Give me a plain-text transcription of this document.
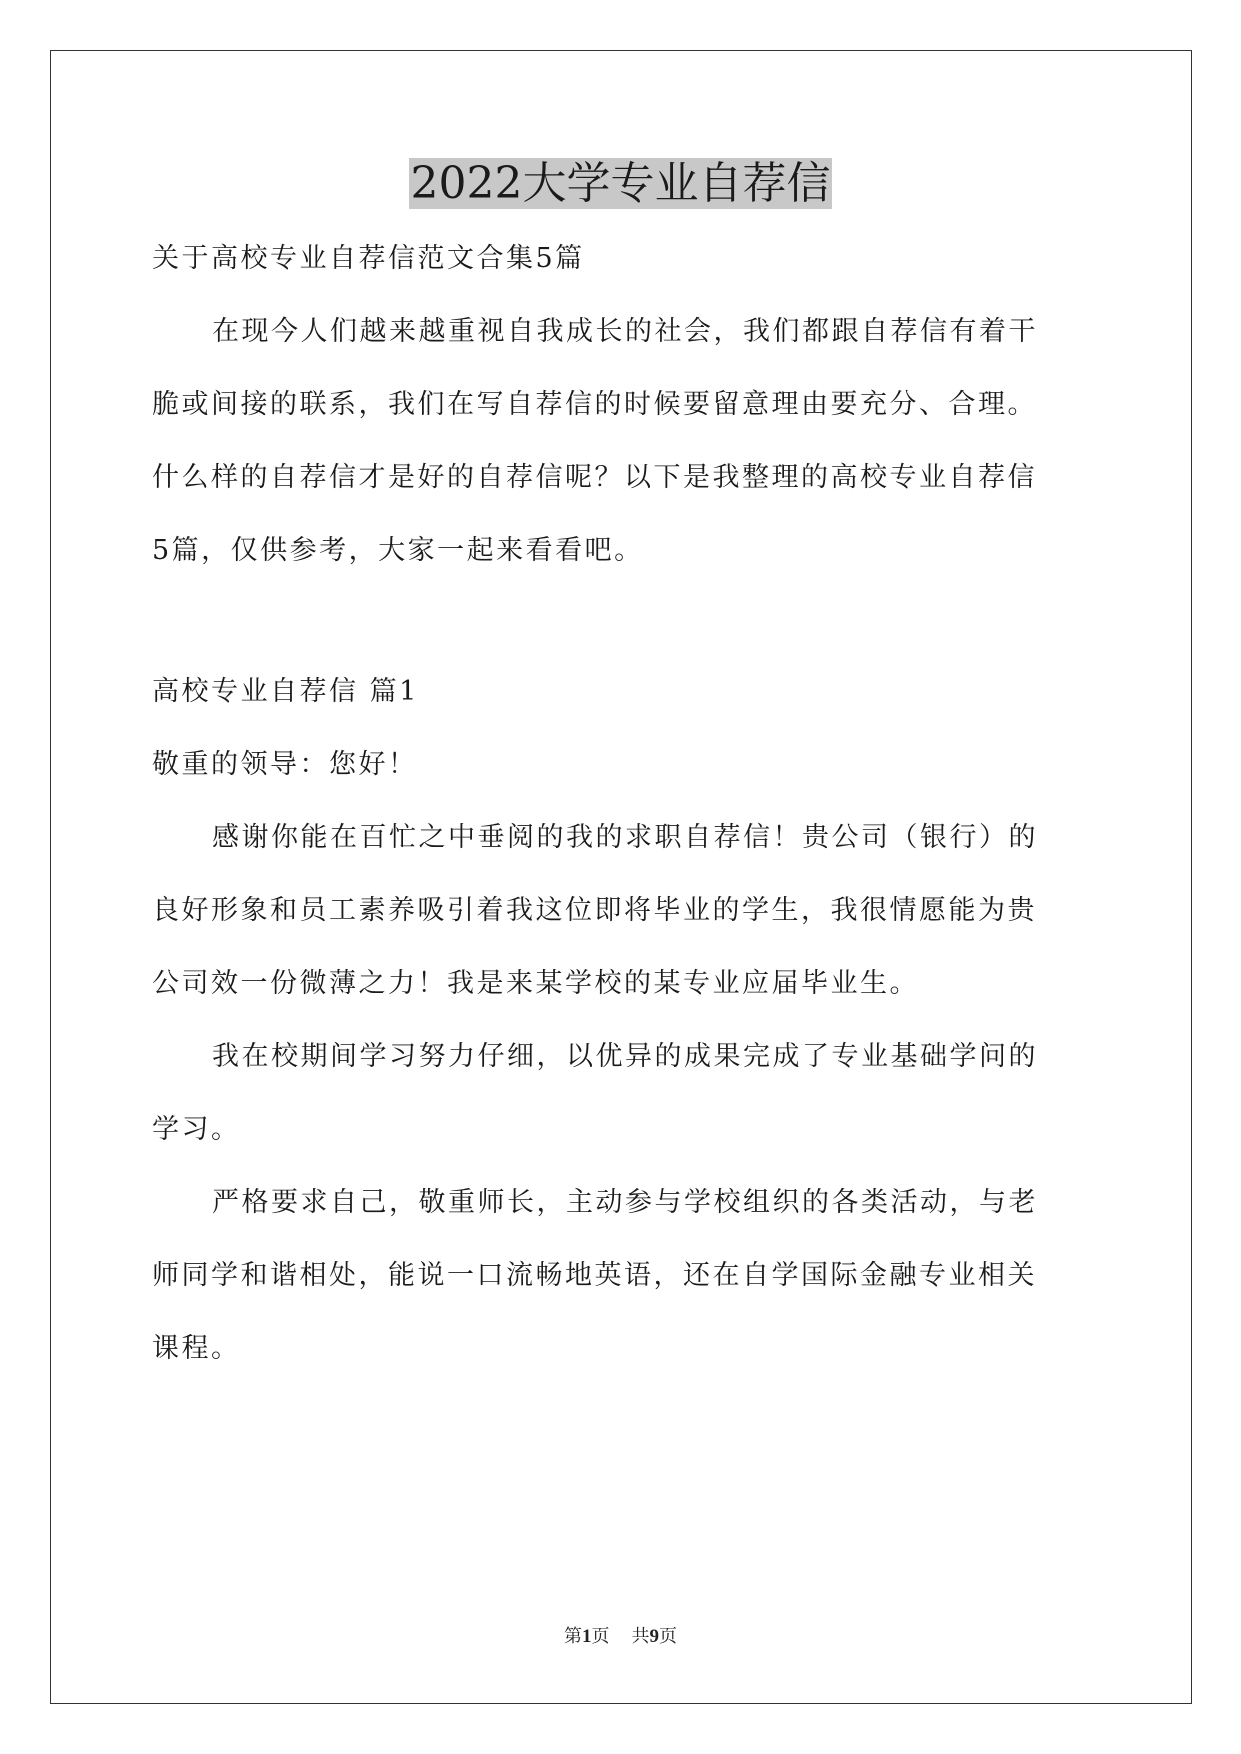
2022大学专业自荐信
关于高校专业自荐信范文合集5篇
在现今人们越来越重视自我成长的社会，我们都跟自荐信有着干
脆或间接的联系，我们在写自荐信的时候要留意理由要充分、合理。
什么样的自荐信才是好的自荐信呢？以下是我整理的高校专业自荐信
5篇，仅供参考，大家一起来看看吧。
高校专业自荐信 篇1
敬重的领导：您好！
感谢你能在百忙之中垂阅的我的求职自荐信！贵公司（银行）的
良好形象和员工素养吸引着我这位即将毕业的学生，我很情愿能为贵
公司效一份微薄之力！我是来某学校的某专业应届毕业生。
我在校期间学习努力仔细，以优异的成果完成了专业基础学问的
学习。
严格要求自己，敬重师长，主动参与学校组织的各类活动，与老
师同学和谐相处，能说一口流畅地英语，还在自学国际金融专业相关
课程。
第1页 共9页
